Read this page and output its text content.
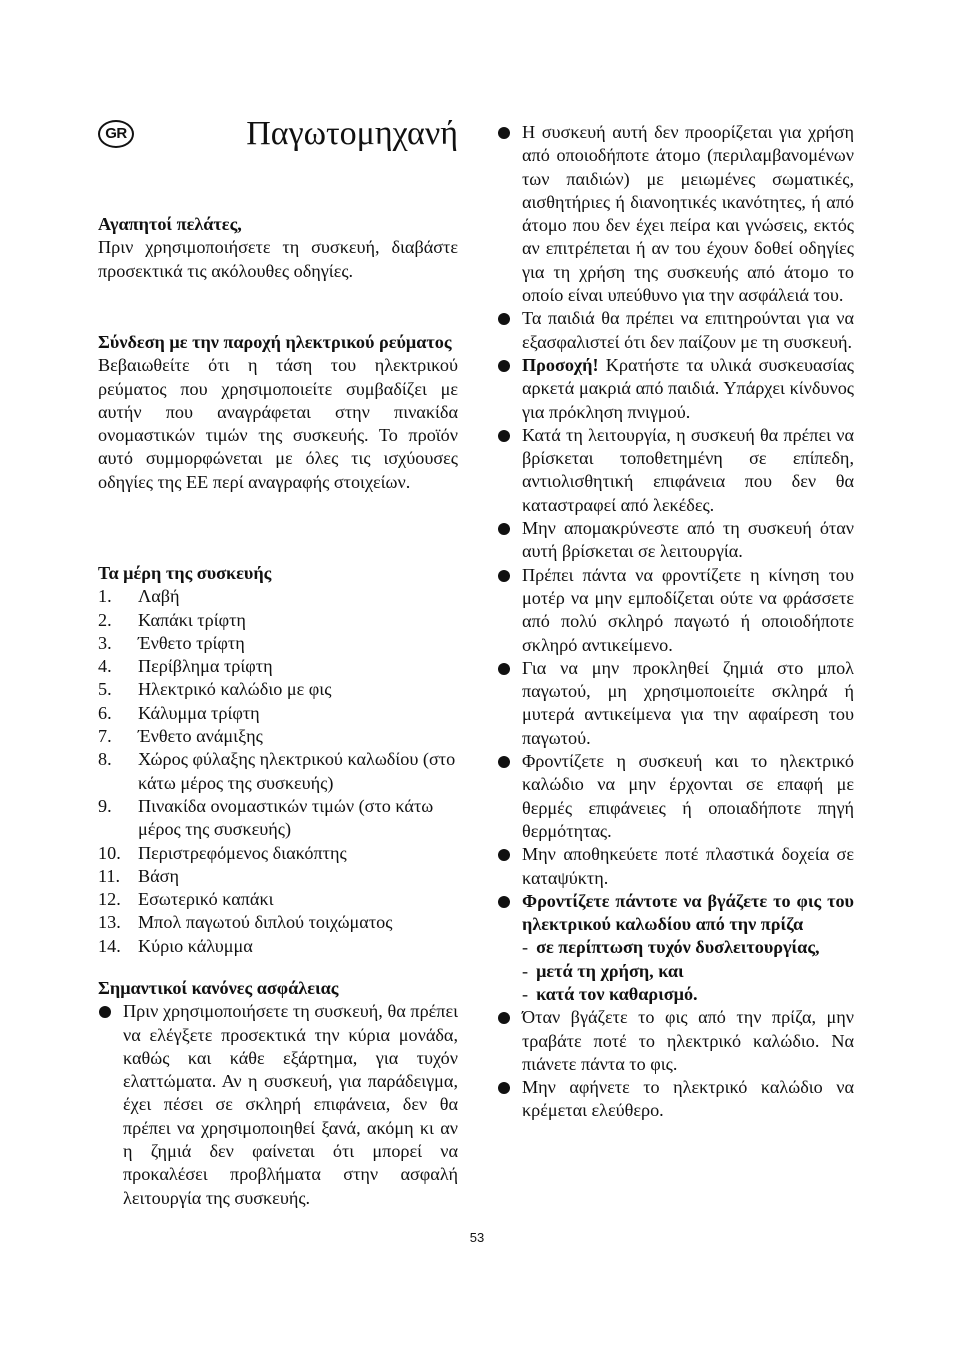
GR	Παγωτομηχανή
Αγαπητοί πελάτες,
Πριν χρησιμοποιήσετε τη συσκευή, διαβάστε προσεκτικά τις ακόλουθες οδηγίες.
Σύνδεση με την παροχή ηλεκτρικού ρεύματος
Βεβαιωθείτε ότι η τάση του ηλεκτρικού ρεύματος που χρησιμοποιείτε συμβαδίζει με αυτήν που αναγράφεται στην πινακίδα ονομαστικών τιμών της συσκευής. Το προϊόν αυτό συμμορφώνεται με όλες τις ισχύουσες οδηγίες της ΕΕ περί αναγραφής στοιχείων.
Τα μέρη της συσκευής
1. Λαβή
2. Καπάκι τρίφτη
3. Ένθετο τρίφτη
4. Περίβλημα τρίφτη
5. Ηλεκτρικό καλώδιο με φις
6. Κάλυμμα τρίφτη
7. Ένθετο ανάμιξης
8. Χώρος φύλαξης ηλεκτρικού καλωδίου (στο κάτω μέρος της συσκευής)
9. Πινακίδα ονομαστικών τιμών (στο κάτω μέρος της συσκευής)
10. Περιστρεφόμενος διακόπτης
11. Βάση
12. Εσωτερικό καπάκι
13. Μπολ παγωτού διπλού τοιχώματος
14. Κύριο κάλυμμα
Σημαντικοί κανόνες ασφάλειας
Πριν χρησιμοποιήσετε τη συσκευή, θα πρέπει να ελέγξετε προσεκτικά την κύρια μονάδα, καθώς και κάθε εξάρτημα, για τυχόν ελαττώματα. Αν η συσκευή, για παράδειγμα, έχει πέσει σε σκληρή επιφάνεια, δεν θα πρέπει να χρησιμοποιηθεί ξανά, ακόμη κι αν η ζημιά δεν φαίνεται ότι μπορεί να προκαλέσει προβλήματα στην ασφαλή λειτουργία της συσκευής.
Η συσκευή αυτή δεν προορίζεται για χρήση από οποιοδήποτε άτομο (περιλαμβανομένων των παιδιών) με μειωμένες σωματικές, αισθητήριες ή διανοητικές ικανότητες, ή από άτομο που δεν έχει πείρα και γνώσεις, εκτός αν επιτρέπεται ή αν του έχουν δοθεί οδηγίες για τη χρήση της συσκευής από άτομο το οποίο είναι υπεύθυνο για την ασφάλειά του.
Τα παιδιά θα πρέπει να επιτηρούνται για να εξασφαλιστεί ότι δεν παίζουν με τη συσκευή.
Προσοχή! Κρατήστε τα υλικά συσκευασίας αρκετά μακριά από παιδιά. Υπάρχει κίνδυνος για πρόκληση πνιγμού.
Κατά τη λειτουργία, η συσκευή θα πρέπει να βρίσκεται τοποθετημένη σε επίπεδη, αντιολισθητική επιφάνεια που δεν θα καταστραφεί από λεκέδες.
Μην απομακρύνεστε από τη συσκευή όταν αυτή βρίσκεται σε λειτουργία.
Πρέπει πάντα να φροντίζετε η κίνηση του μοτέρ να μην εμποδίζεται ούτε να φράσσετε από πολύ σκληρό παγωτό ή οποιοδήποτε σκληρό αντικείμενο.
Για να μην προκληθεί ζημιά στο μπολ παγωτού, μη χρησιμοποιείτε σκληρά ή μυτερά αντικείμενα για την αφαίρεση του παγωτού.
Φροντίζετε η συσκευή και το ηλεκτρικό καλώδιο να μην έρχονται σε επαφή με θερμές επιφάνειες ή οποιαδήποτε πηγή θερμότητας.
Μην αποθηκεύετε ποτέ πλαστικά δοχεία σε καταψύκτη.
Φροντίζετε πάντοτε να βγάζετε το φις του ηλεκτρικού καλωδίου από την πρίζα
- σε περίπτωση τυχόν δυσλειτουργίας,
- μετά τη χρήση, και
- κατά τον καθαρισμό.
Όταν βγάζετε το φις από την πρίζα, μην τραβάτε ποτέ το ηλεκτρικό καλώδιο. Να πιάνετε πάντα το φις.
Μην αφήνετε το ηλεκτρικό καλώδιο να κρέμεται ελεύθερο.
53
